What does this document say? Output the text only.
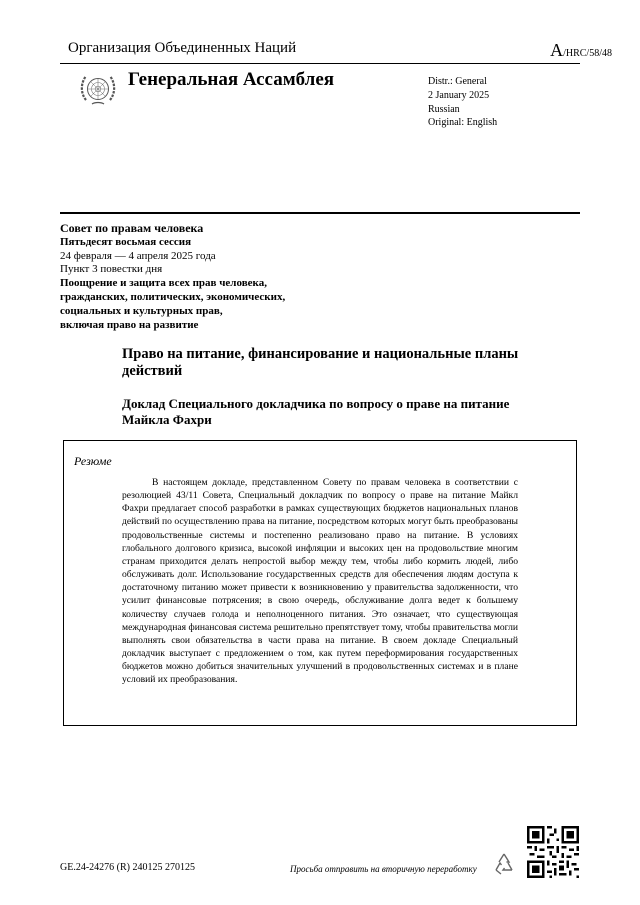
Организация Объединенных Наций	A/HRC/58/48
Генеральная Ассамблея	Distr.: General
2 January 2025
Russian
Original: English
Совет по правам человека
Пятьдесят восьмая сессия
24 февраля — 4 апреля 2025 года
Пункт 3 повестки дня
Поощрение и защита всех прав человека,
гражданских, политических, экономических,
социальных и культурных прав,
включая право на развитие
Право на питание, финансирование и национальные планы действий
Доклад Специального докладчика по вопросу о праве на питание Майкла Фахри
Резюме
В настоящем докладе, представленном Совету по правам человека в соответствии с резолюцией 43/11 Совета, Специальный докладчик по вопросу о праве на питание Майкл Фахри предлагает способ разработки в рамках существующих бюджетов национальных планов действий по осуществлению права на питание, посредством которых могут быть преобразованы продовольственные системы и постепенно реализовано право на питание. В условиях глобального долгового кризиса, высокой инфляции и высоких цен на продовольствие многим странам приходится делать непростой выбор между тем, чтобы либо кормить людей, либо обслуживать долг. Использование государственных средств для обеспечения людям доступа к достаточному питанию может привести к возникновению у правительства задолженности, что усилит финансовые потрясения; в свою очередь, обслуживание долга ведет к большему количеству случаев голода и неполноценного питания. Это означает, что существующая международная финансовая система решительно препятствует тому, чтобы правительства могли выполнять свои обязательства в части права на питание. В своем докладе Специальный докладчик выступает с предложением о том, как путем переформирования государственных бюджетов можно добиться значительных улучшений в продовольственных системах и в плане условий их преобразования.
GE.24-24276 (R) 240125 270125	Просьба отправить на вторичную переработку
